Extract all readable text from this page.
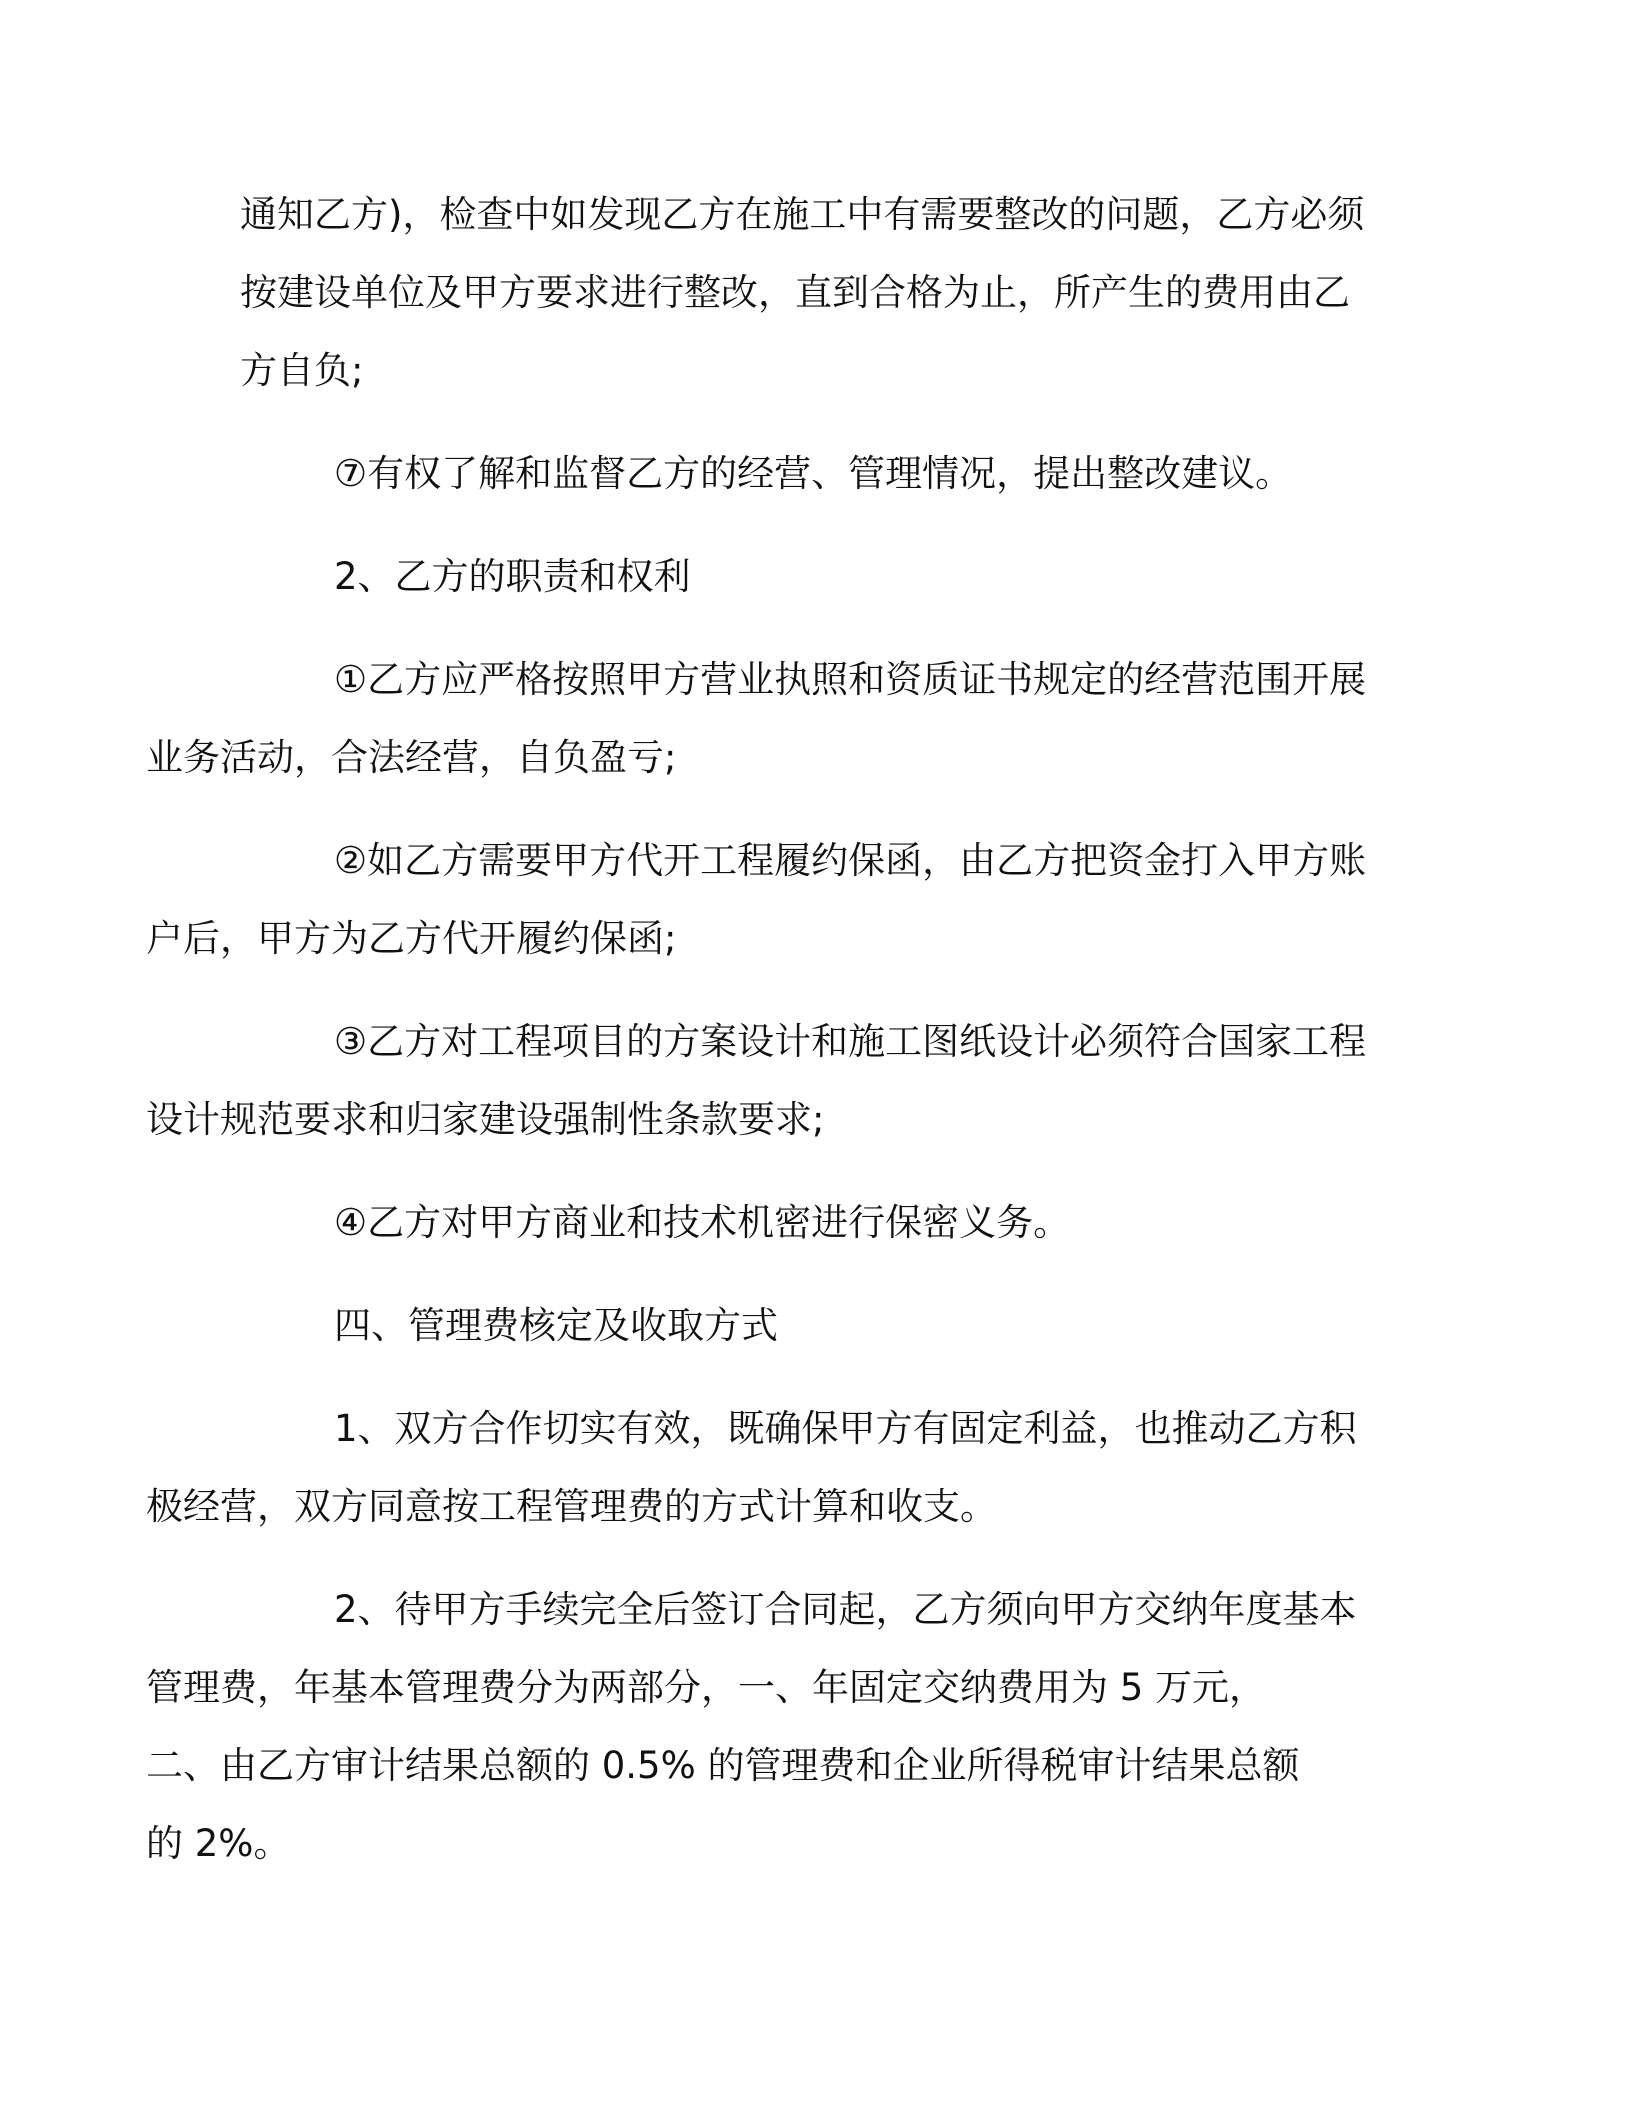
通知乙方)，检查中如发现乙方在施工中有需要整改的问题，乙方必须
按建设单位及甲方要求进行整改，直到合格为止，所产生的费用由乙
方自负;

⑦有权了解和监督乙方的经营、管理情况，提出整改建议。

2、乙方的职责和权利

①乙方应严格按照甲方营业执照和资质证书规定的经营范围开展
业务活动，合法经营，自负盈亏;

②如乙方需要甲方代开工程履约保函，由乙方把资金打入甲方账
户后，甲方为乙方代开履约保函;

③乙方对工程项目的方案设计和施工图纸设计必须符合国家工程
设计规范要求和归家建设强制性条款要求;

④乙方对甲方商业和技术机密进行保密义务。

四、管理费核定及收取方式

1、双方合作切实有效，既确保甲方有固定利益，也推动乙方积
极经营，双方同意按工程管理费的方式计算和收支。

2、待甲方手续完全后签订合同起，乙方须向甲方交纳年度基本
管理费，年基本管理费分为两部分，一、年固定交纳费用为 5 万元，
二、由乙方审计结果总额的 0.5% 的管理费和企业所得税审计结果总额
的 2%。
